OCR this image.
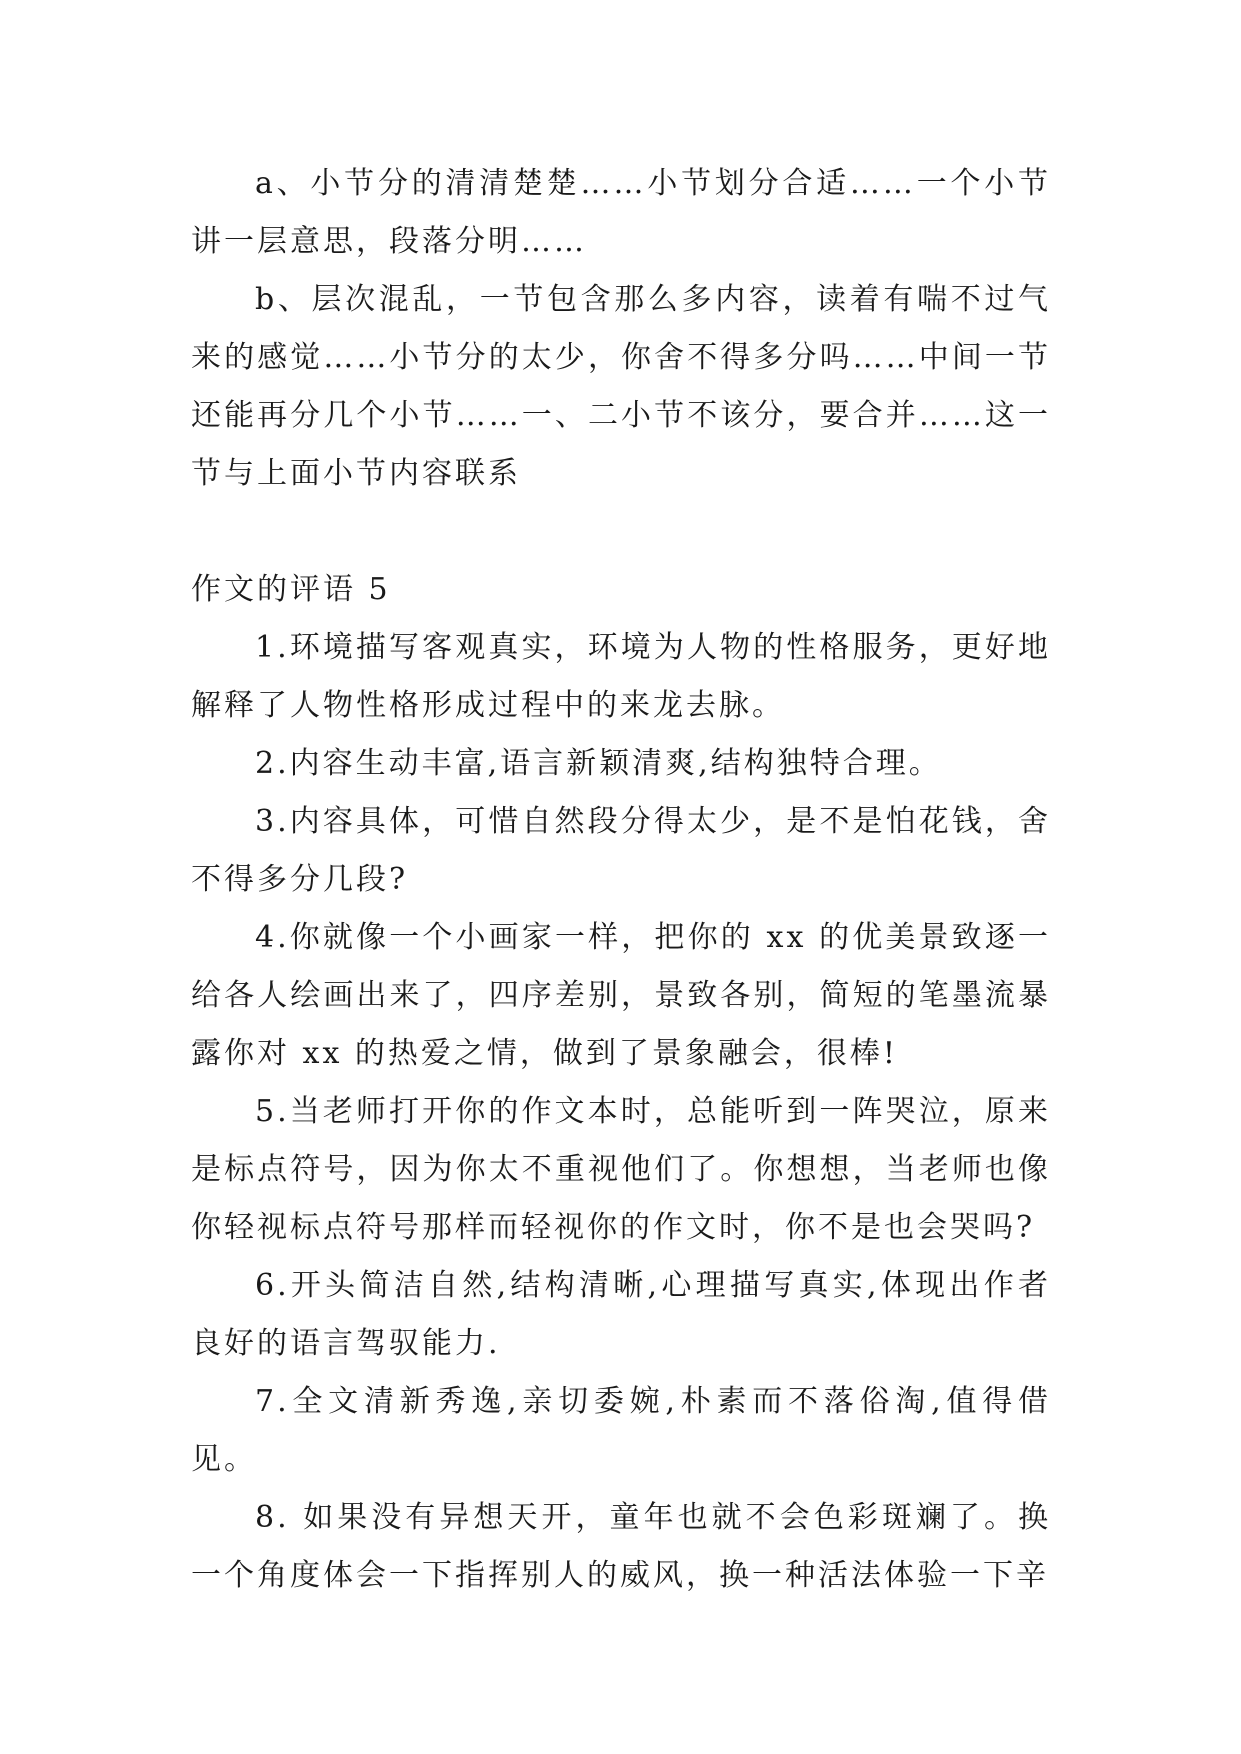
a、小节分的清清楚楚……小节划分合适……一个小节讲一层意思，段落分明……

b、层次混乱，一节包含那么多内容，读着有喘不过气来的感觉……小节分的太少，你舍不得多分吗……中间一节还能再分几个小节……一、二小节不该分，要合并……这一节与上面小节内容联系

作文的评语 5

1.环境描写客观真实，环境为人物的性格服务，更好地解释了人物性格形成过程中的来龙去脉。

2.内容生动丰富,语言新颖清爽,结构独特合理。

3.内容具体，可惜自然段分得太少，是不是怕花钱，舍不得多分几段?

4.你就像一个小画家一样，把你的 xx 的优美景致逐一给各人绘画出来了，四序差别，景致各别，简短的笔墨流暴露你对 xx 的热爱之情，做到了景象融会，很棒!

5.当老师打开你的作文本时，总能听到一阵哭泣，原来是标点符号，因为你太不重视他们了。你想想，当老师也像你轻视标点符号那样而轻视你的作文时，你不是也会哭吗?

6.开头简洁自然,结构清晰,心理描写真实,体现出作者良好的语言驾驭能力.

7.全文清新秀逸,亲切委婉,朴素而不落俗淘,值得借见。

8. 如果没有异想天开，童年也就不会色彩斑斓了。换一个角度体会一下指挥别人的威风，换一种活法体验一下辛
